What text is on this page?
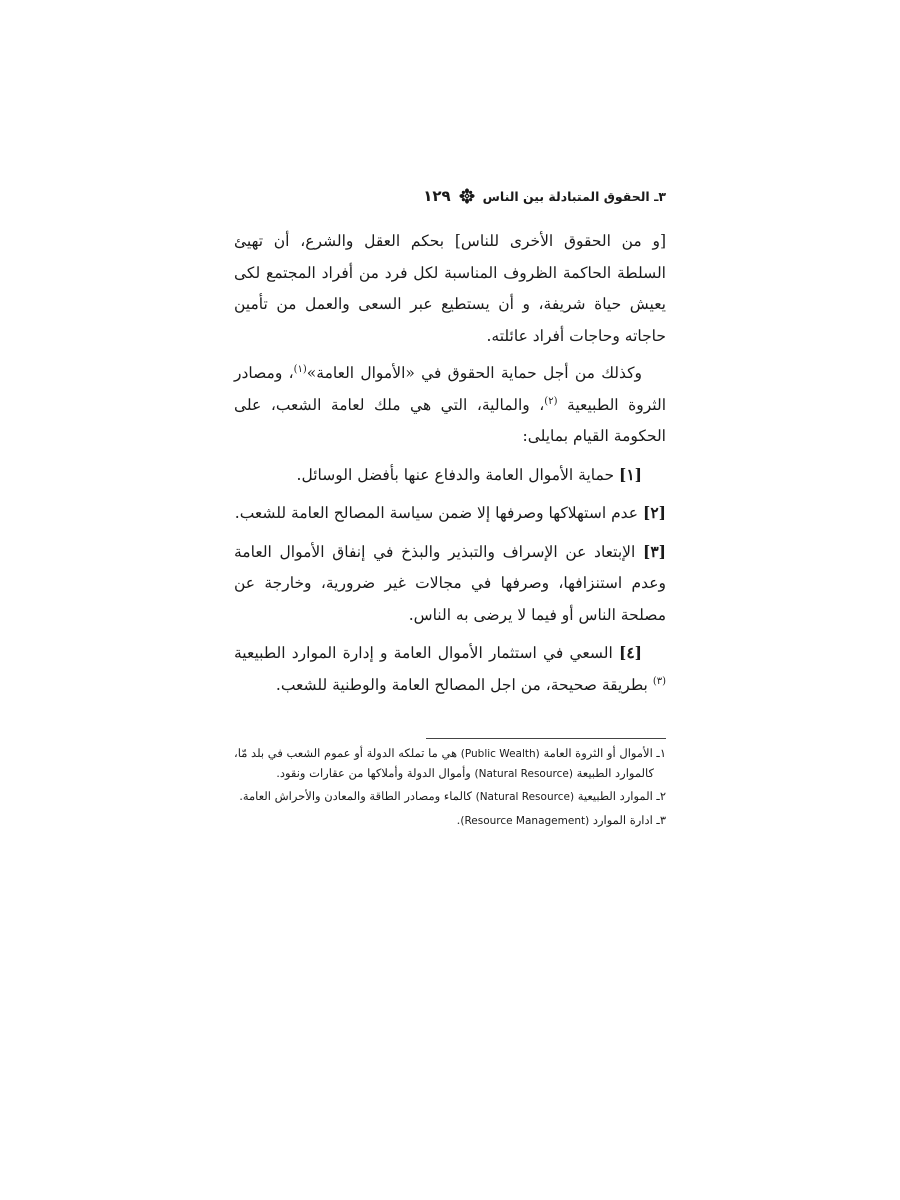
٣ـ الحقوق المتبادلة بين الناس
١٢٩

[و من الحقوق الأخرى للناس] بحكم العقل والشرع، أن تهيئ السلطة الحاكمة الظروف المناسبة لكل فرد من أفراد المجتمع لكى يعيش حياة شريفة، و أن يستطيع عبر السعى والعمل من تأمين حاجاته وحاجات أفراد عائلته.

وكذلك من أجل حماية الحقوق في «الأموال العامة»$^{(١)}$، ومصادر الثروة الطبيعية $^{(٢)}$، والمالية، التي هي ملك لعامة الشعب، على الحكومة القيام بمايلى:

[١] حماية الأموال العامة والدفاع عنها بأفضل الوسائل.

[٢] عدم استهلاكها وصرفها إلا ضمن سياسة المصالح العامة للشعب.

[٣] الإبتعاد عن الإسراف والتبذير والبذخ في إنفاق الأموال العامة وعدم استنزافها، وصرفها في مجالات غير ضرورية، وخارجة عن مصلحة الناس أو فيما لا يرضى به الناس.

[٤] السعي في استثمار الأموال العامة و إدارة الموارد الطبيعية $^{(٣)}$ بطريقة صحيحة، من اجل المصالح العامة والوطنية للشعب.

١ـ الأموال أو الثروة العامة (Public Wealth) هي ما تملكه الدولة أو عموم الشعب في بلد مّا، كالموارد الطبيعة (Natural Resource) وأموال الدولة وأملاكها من عقارات ونقود.

٢ـ الموارد الطبيعية (Natural Resource) كالماء ومصادر الطاقة والمعادن والأحراش العامة.

٣ـ ادارة الموارد (Resource Management).
